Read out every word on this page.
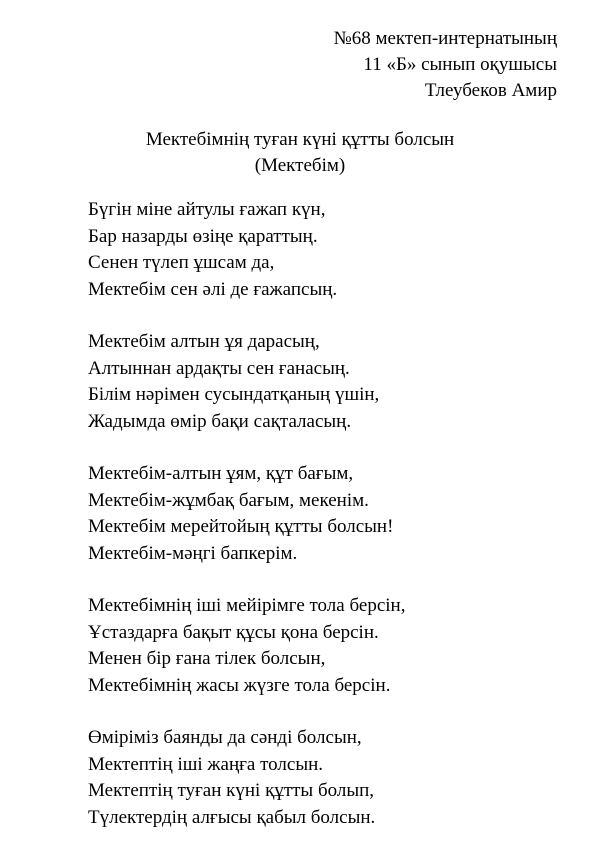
№68 мектеп-интернатының
11 «Б» сынып оқушысы
Тлеубеков Амир
Мектебімнің туған күні құтты болсын
(Мектебім)
Бүгін міне айтулы ғажап күн,
Бар назарды өзіңе қараттың.
Сенен түлеп ұшсам да,
Мектебім сен әлі де ғажапсың.
Мектебім алтын ұя дарасың,
Алтыннан ардақты сен ғанасың.
Білім нәрімен сусындатқаның үшін,
Жадымда өмір бақи сақталасың.
Мектебім-алтын ұям, құт бағым,
Мектебім-жұмбақ бағым, мекенім.
Мектебім мерейтойың құтты болсын!
Мектебім-мәңгі бапкерім.
Мектебімнің іші мейірімге тола берсін,
Ұстаздарға бақыт құсы қона берсін.
Менен бір ғана тілек болсын,
Мектебімнің жасы жүзге тола берсін.
Өміріміз баянды да сәнді болсын,
Мектептің іші жаңға толсын.
Мектептің туған күні құтты болып,
Түлектердің алғысы қабыл болсын.
